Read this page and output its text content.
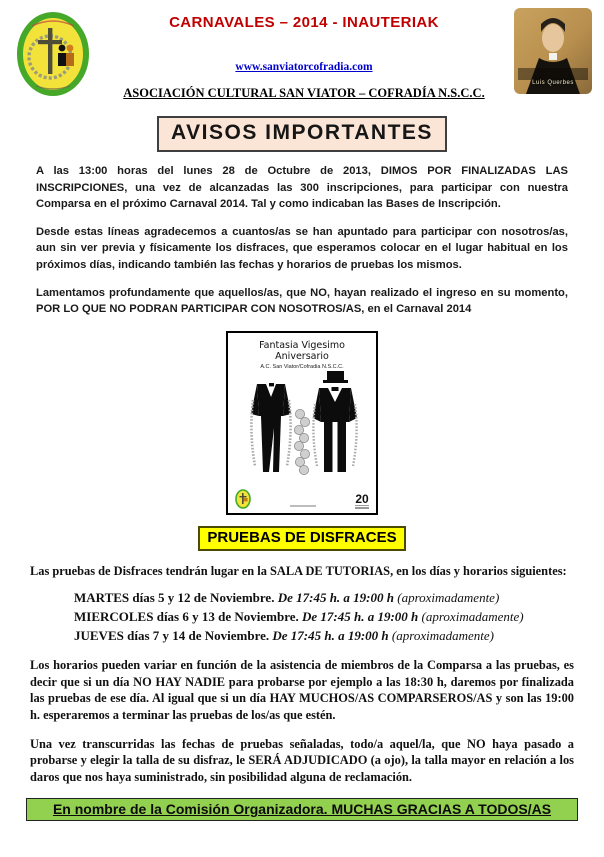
CARNAVALES – 2014 - INAUTERIAK

www.sanviatorcofradia.com
ASOCIACIÓN CULTURAL SAN VIATOR – COFRADÍA N.S.C.C.
Luis Querbes
AVISOS IMPORTANTES

A las 13:00 horas del lunes 28 de Octubre de 2013, DIMOS POR FINALIZADAS LAS INSCRIPCIONES, una vez de alcanzadas las 300 inscripciones, para participar con nuestra Comparsa en el próximo Carnaval 2014. Tal y como indicaban las Bases de Inscripción.

Desde estas líneas agradecemos a cuantos/as se han apuntado para participar con nosotros/as, aun sin ver previa y físicamente los disfraces, que esperamos colocar en el lugar habitual en los próximos días, indicando también las fechas y horarios de pruebas los mismos.

Lamentamos profundamente que aquellos/as, que NO, hayan realizado el ingreso en su momento, POR LO QUE NO PODRAN PARTICIPAR CON NOSOTROS/AS, en el Carnaval 2014

Fantasia Vigesimo Aniversario
A.C. San Viator/Cofradia N.S.C.C.
20
PRUEBAS DE DISFRACES

Las pruebas de Disfraces tendrán lugar en la SALA DE TUTORIAS, en los días y horarios siguientes:

MARTES días 5 y 12 de Noviembre. De 17:45 h. a 19:00 h (aproximadamente)
MIERCOLES días 6 y 13 de Noviembre. De 17:45 h. a 19:00 h (aproximadamente)
JUEVES días 7 y 14 de Noviembre. De 17:45 h. a 19:00 h (aproximadamente)

Los horarios pueden variar en función de la asistencia de miembros de la Comparsa a las pruebas, es decir que si un día NO HAY NADIE para probarse por ejemplo a las 18:30 h, daremos por finalizada las pruebas de ese día. Al igual que si un día HAY MUCHOS/AS COMPARSEROS/AS y son las 19:00 h. esperaremos a terminar las pruebas de los/as que estén.

Una vez transcurridas las fechas de pruebas señaladas, todo/a aquel/la, que NO haya pasado a probarse y elegir la talla de su disfraz, le SERÁ ADJUDICADO (a ojo), la talla mayor en relación a los daros que nos haya suministrado, sin posibilidad alguna de reclamación.

En nombre de la Comisión Organizadora. MUCHAS GRACIAS A TODOS/AS
